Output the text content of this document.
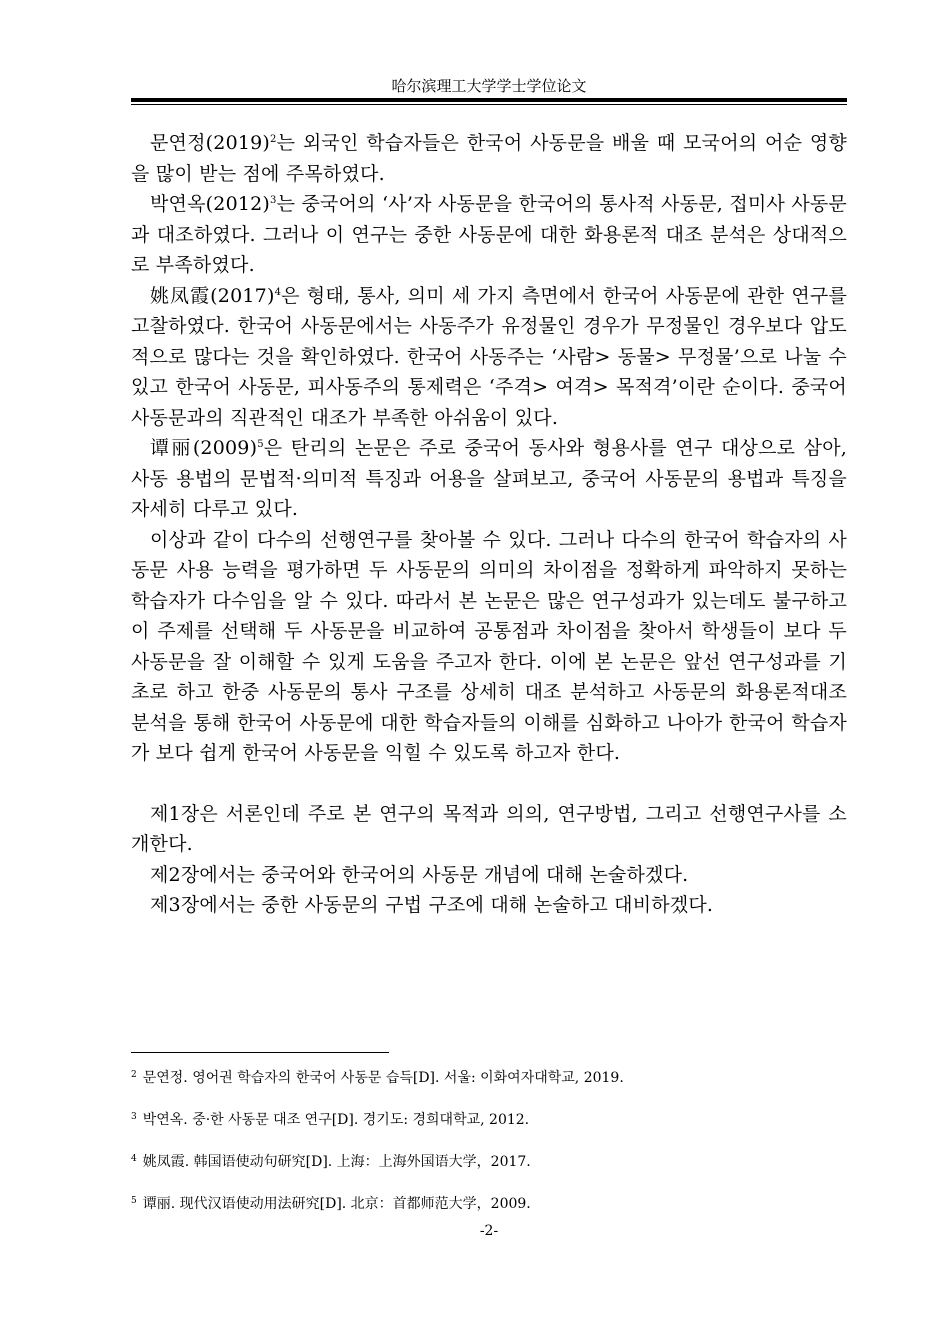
哈尔滨理工大学学士学位论文

문연정$(2019)^2$는 외국인 학습자들은 한국어 사동문을 배울 때 모국어의 어순 영향을 많이 받는 점에 주목하였다.

박연옥$(2012)^3$는 중국어의 ‘사’자 사동문을 한국어의 통사적 사동문, 접미사 사동문과 대조하였다. 그러나 이 연구는 중한 사동문에 대한 화용론적 대조 분석은 상대적으로 부족하였다.

姚凤霞$(2017)^4$은 형태, 통사, 의미 세 가지 측면에서 한국어 사동문에 관한 연구를 고찰하였다. 한국어 사동문에서는 사동주가 유정물인 경우가 무정물인 경우보다 압도적으로 많다는 것을 확인하였다. 한국어 사동주는 ‘사람> 동물> 무정물’으로 나눌 수 있고 한국어 사동문, 피사동주의 통제력은 ‘주격> 여격> 목적격’이란 순이다. 중국어 사동문과의 직관적인 대조가 부족한 아쉬움이 있다.

谭丽$(2009)^5$은 탄리의 논문은 주로 중국어 동사와 형용사를 연구 대상으로 삼아, 사동 용법의 문법적·의미적 특징과 어용을 살펴보고, 중국어 사동문의 용법과 특징을 자세히 다루고 있다.

이상과 같이 다수의 선행연구를 찾아볼 수 있다. 그러나 다수의 한국어 학습자의 사동문 사용 능력을 평가하면 두 사동문의 의미의 차이점을 정확하게 파악하지 못하는 학습자가 다수임을 알 수 있다. 따라서 본 논문은 많은 연구성과가 있는데도 불구하고 이 주제를 선택해 두 사동문을 비교하여 공통점과 차이점을 찾아서 학생들이 보다 두 사동문을 잘 이해할 수 있게 도움을 주고자 한다. 이에 본 논문은 앞선 연구성과를 기초로 하고 한중 사동문의 통사 구조를 상세히 대조 분석하고 사동문의 화용론적대조 분석을 통해 한국어 사동문에 대한 학습자들의 이해를 심화하고 나아가 한국어 학습자가 보다 쉽게 한국어 사동문을 익힐 수 있도록 하고자 한다.

제1장은 서론인데 주로 본 연구의 목적과 의의, 연구방법, 그리고 선행연구사를 소개한다.

제2장에서는 중국어와 한국어의 사동문 개념에 대해 논술하겠다.

제3장에서는 중한 사동문의 구법 구조에 대해 논술하고 대비하겠다.

$^2$ 문연정. 영어권 학습자의 한국어 사동문 습득[D]. 서울: 이화여자대학교, 2019.

$^3$ 박연옥. 중·한 사동문 대조 연구[D]. 경기도: 경희대학교, 2012.

$^4$ 姚凤霞. 韩国语使动句研究[D]. 上海：上海外国语大学，2017.

$^5$ 谭丽. 现代汉语使动用法研究[D]. 北京：首都师范大学，2009.

-2-
